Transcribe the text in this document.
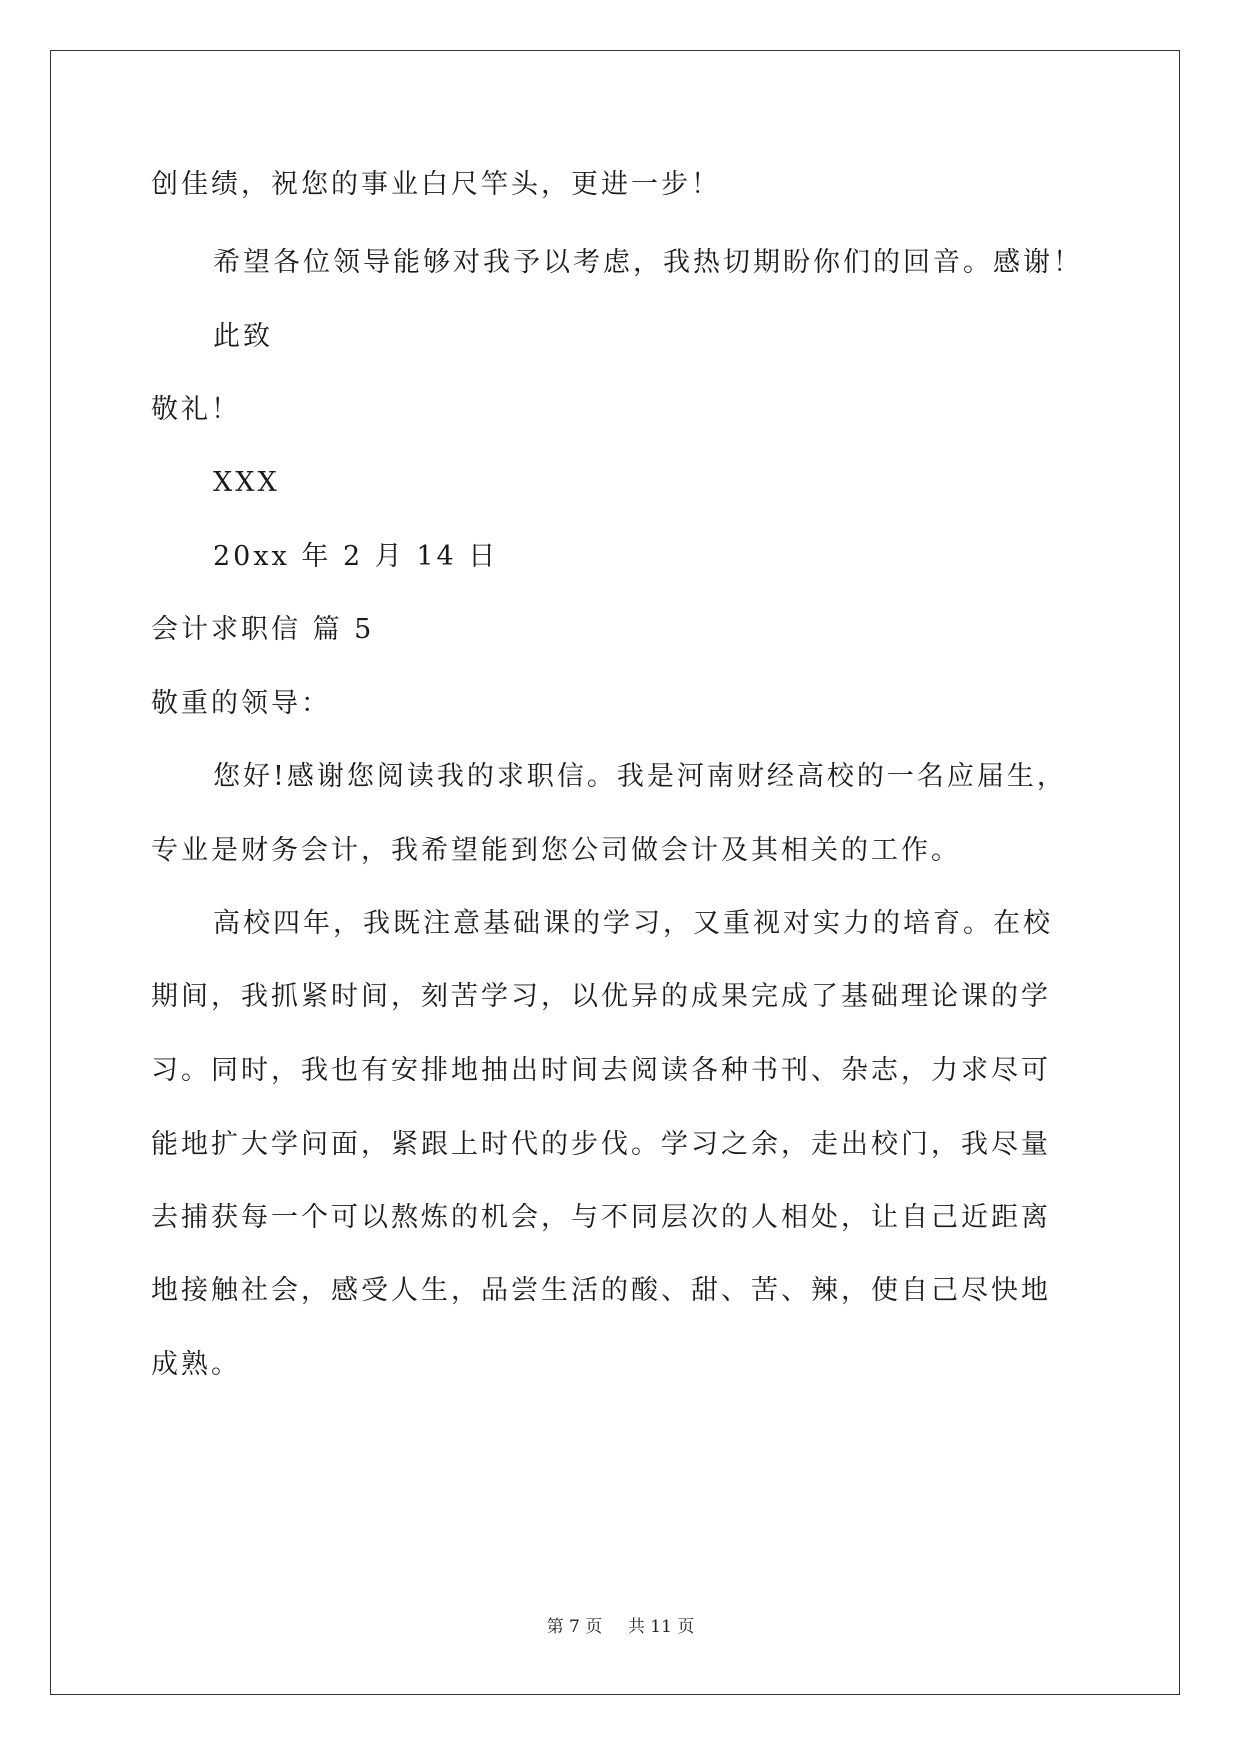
创佳绩，祝您的事业白尺竿头，更进一步！
希望各位领导能够对我予以考虑，我热切期盼你们的回音。感谢！
此致
敬礼！
XXX
20xx 年 2 月 14 日
会计求职信 篇 5
敬重的领导：
您好!感谢您阅读我的求职信。我是河南财经高校的一名应届生，
专业是财务会计，我希望能到您公司做会计及其相关的工作。
高校四年，我既注意基础课的学习，又重视对实力的培育。在校
期间，我抓紧时间，刻苦学习，以优异的成果完成了基础理论课的学
习。同时，我也有安排地抽出时间去阅读各种书刊、杂志，力求尽可
能地扩大学问面，紧跟上时代的步伐。学习之余，走出校门，我尽量
去捕获每一个可以熬炼的机会，与不同层次的人相处，让自己近距离
地接触社会，感受人生，品尝生活的酸、甜、苦、辣，使自己尽快地
成熟。
第 7 页 共 11 页
